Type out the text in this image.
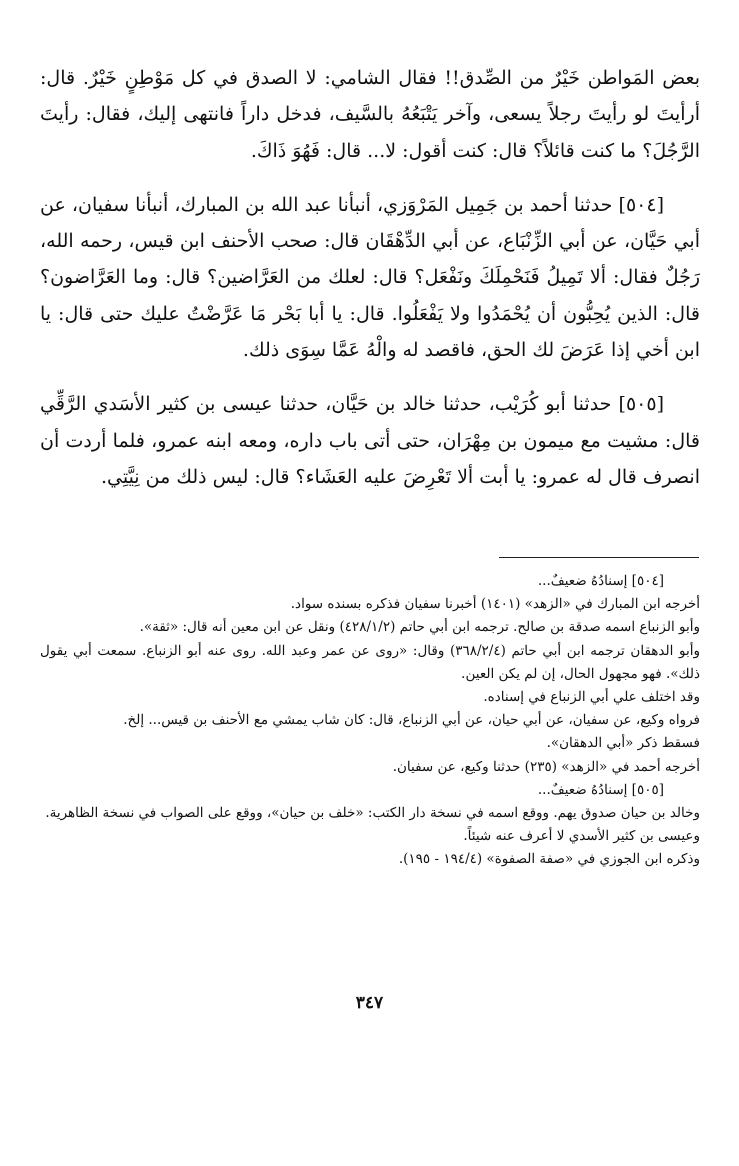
بعض المَواطن خَيْرٌ من الصِّدق!! فقال الشامي: لا الصدق في كل مَوْطِنٍ خَيْرٌ. قال: أرأيتَ لو رأيتَ رجلاً يسعى، وآخر يَتْبَعُهُ بالسَّيف، فدخل داراً فانتهى إليك، فقال: رأيتَ الرَّجُلَ؟ ما كنت قائلاً؟ قال: كنت أقول: لا... قال: فَهُوَ ذَاكَ.

[٥٠٤] حدثنا أحمد بن جَمِيل المَرْوَزي، أنبأنا عبد الله بن المبارك، أنبأنا سفيان، عن أبي حَيَّان، عن أبي الزِّنْبَاع، عن أبي الدِّهْقَان قال: صحب الأحنف ابن قيس، رحمه الله، رَجُلٌ فقال: ألا تَمِيلُ فَنَحْمِلَكَ ونَفْعَل؟ قال: لعلك من العَرَّاضين؟ قال: وما العَرَّاضون؟ قال: الذين يُحِبُّون أن يُحْمَدُوا ولا يَفْعَلُوا. قال: يا أبا بَحْر مَا عَرَّضْتُ عليك حتى قال: يا ابن أخي إذا عَرَضَ لك الحق، فاقصد له والْهُ عَمَّا سِوَى ذلك.

[٥٠٥] حدثنا أبو كُرَيْب، حدثنا خالد بن حَيَّان، حدثنا عيسى بن كثير الأسَدي الرَّقِّي قال: مشيت مع ميمون بن مِهْرَان، حتى أتى باب داره، ومعه ابنه عمرو، فلما أردت أن انصرف قال له عمرو: يا أبت ألا تَعْرِضَ عليه العَشَاء؟ قال: ليس ذلك من نِيَّتِي.

[٥٠٤] إسنادُهُ ضعيفٌ...

أخرجه ابن المبارك في «الزهد» (١٤٠١) أخبرنا سفيان فذكره بسنده سواد.

وأبو الزنباع اسمه صدقة بن صالح. ترجمه ابن أبي حاتم (٤٢٨/١/٢) ونقل عن ابن معين أنه قال: «ثقة».

وأبو الدهقان ترجمه ابن أبي حاتم (٣٦٨/٢/٤) وقال: «روى عن عمر وعبد الله. روى عنه أبو الزنباع. سمعت أبي يقول ذلك». فهو مجهول الحال، إن لم يكن العين.

وقد اختلف علي أبي الزنباع في إسناده.

فرواه وكيع، عن سفيان، عن أبي حيان، عن أبي الزنباع، قال: كان شاب يمشي مع الأحنف بن قيس... إلخ.

فسقط ذكر «أبي الدهقان».

أخرجه أحمد في «الزهد» (٢٣٥) حدثنا وكيع، عن سفيان.

[٥٠٥] إسنادُهُ ضعيفٌ...

وخالد بن حيان صدوق يهم. ووقع اسمه في نسخة دار الكتب: «خلف بن حيان»، ووقع على الصواب في نسخة الظاهرية.

وعيسى بن كثير الأسدي لا أعرف عنه شيئاً.

وذكره ابن الجوزي في «صفة الصفوة» (١٩٤/٤ - ١٩٥).

٣٤٧
